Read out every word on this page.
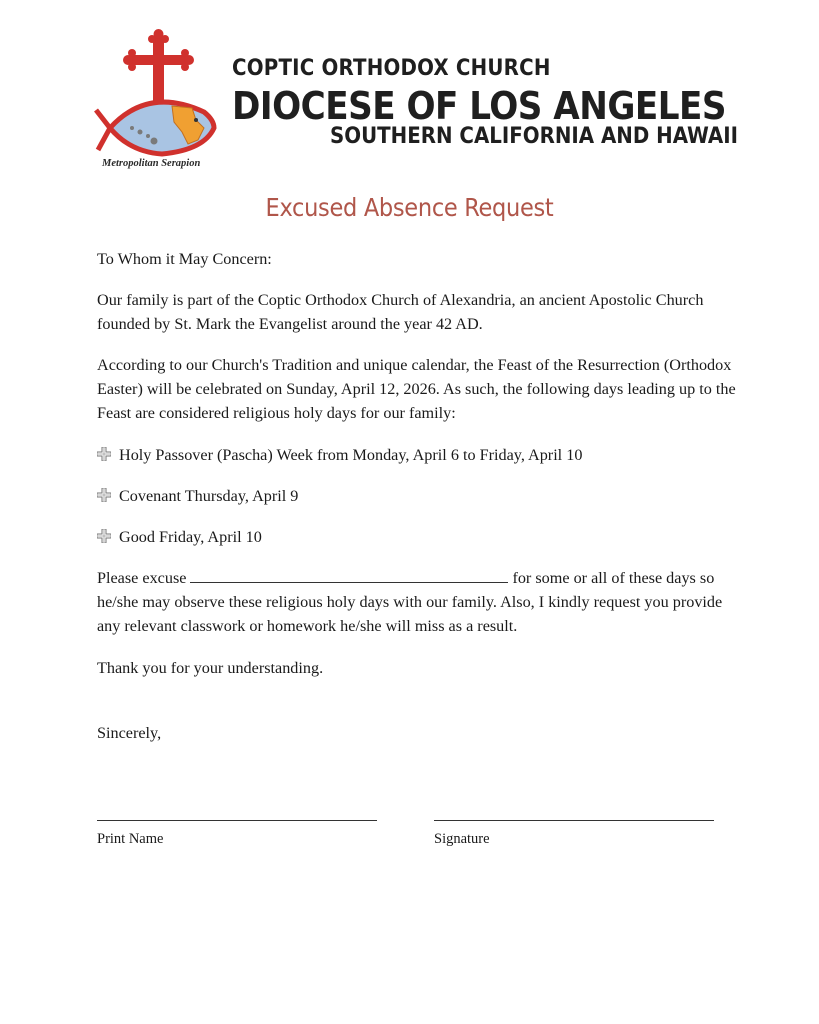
Metropolitan Serapion
COPTIC ORTHODOX CHURCH
DIOCESE OF LOS ANGELES
SOUTHERN CALIFORNIA AND HAWAII
Excused Absence Request
To Whom it May Concern:
Our family is part of the Coptic Orthodox Church of Alexandria, an ancient Apostolic Church founded by St. Mark the Evangelist around the year 42 AD.
According to our Church's Tradition and unique calendar, the Feast of the Resurrection (Orthodox Easter) will be celebrated on Sunday, April 12, 2026. As such, the following days leading up to the Feast are considered religious holy days for our family:
Holy Passover (Pascha) Week from Monday, April 6 to Friday, April 10
Covenant Thursday, April 9
Good Friday, April 10
Please excuse	for some or all of these days so he/she may observe these religious holy days with our family. Also, I kindly request you provide any relevant classwork or homework he/she will miss as a result.
Thank you for your understanding.
Sincerely,
Print Name	Signature
